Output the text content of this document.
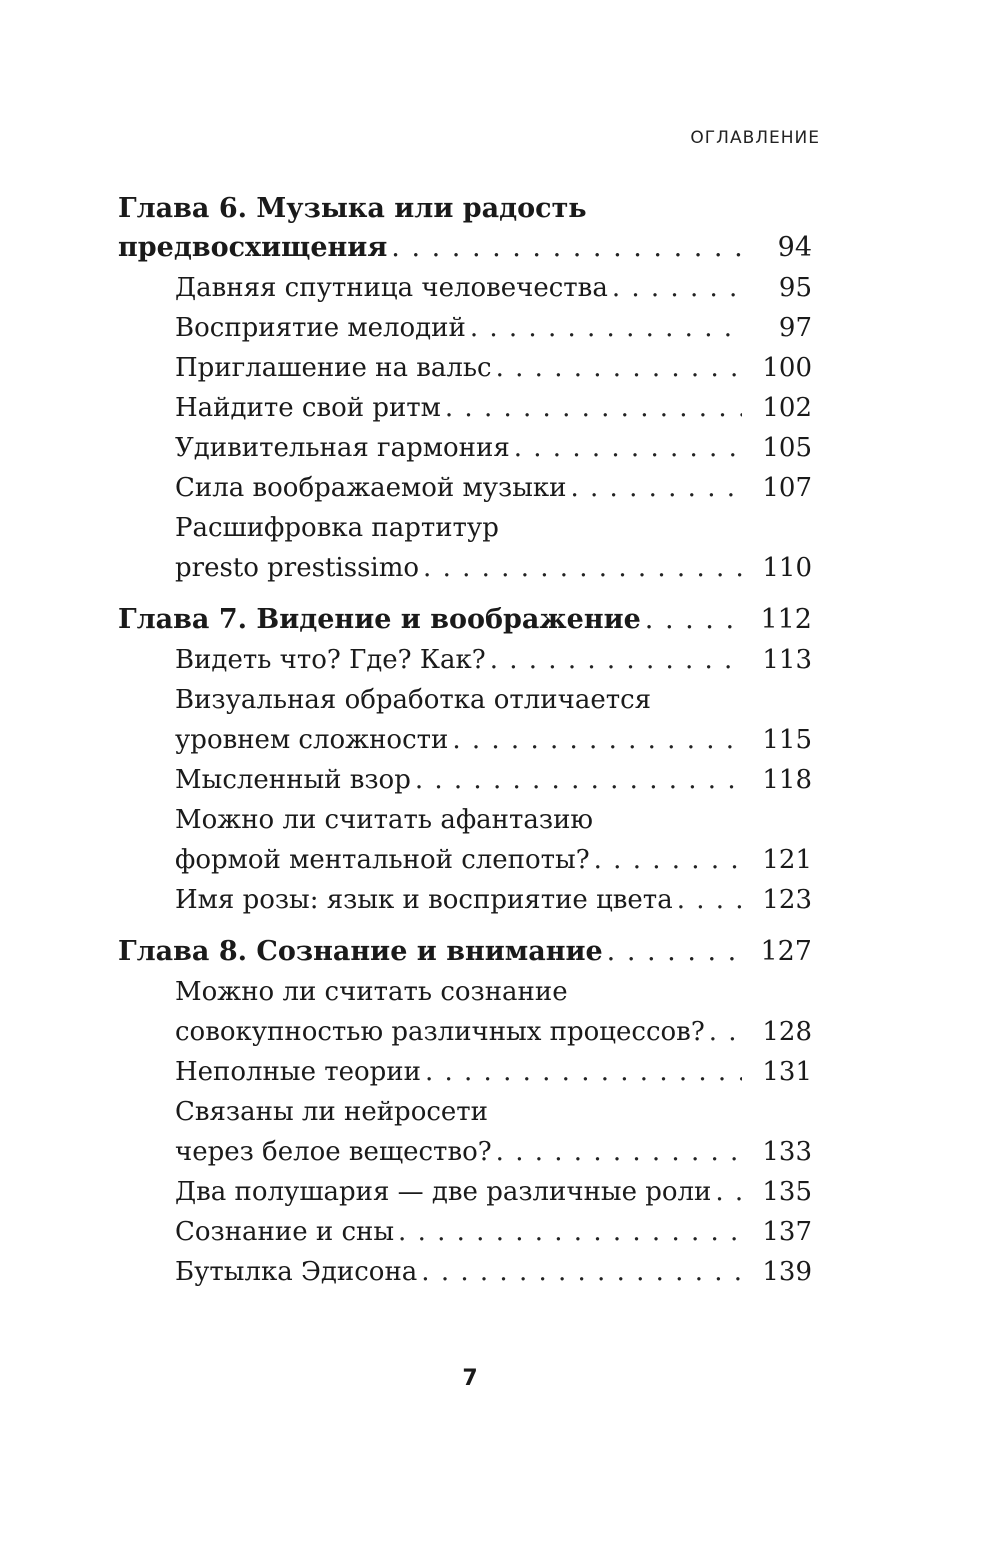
ОГЛАВЛЕНИЕ
Глава 6. Музыка или радость
предвосхищения . . .	94
Давняя спутница человечества . . .	95
Восприятие мелодий . . .	97
Приглашение на вальс . . .	100
Найдите свой ритм . . .	102
Удивительная гармония . . .	105
Сила воображаемой музыки . . .	107
Расшифровка партитур
presto prestissimo . . .	110
Глава 7. Видение и воображение . . .	112
Видеть что? Где? Как? . . .	113
Визуальная обработка отличается
уровнем сложности . . .	115
Мысленный взор . . .	118
Можно ли считать афантазию
формой ментальной слепоты? . . .	121
Имя розы: язык и восприятие цвета . . .	123
Глава 8. Сознание и внимание . . .	127
Можно ли считать сознание
совокупностью различных процессов? . . .	128
Неполные теории . . .	131
Связаны ли нейросети
через белое вещество? . . .	133
Два полушария — две различные роли . . .	135
Сознание и сны . . .	137
Бутылка Эдисона . . .	139
7
